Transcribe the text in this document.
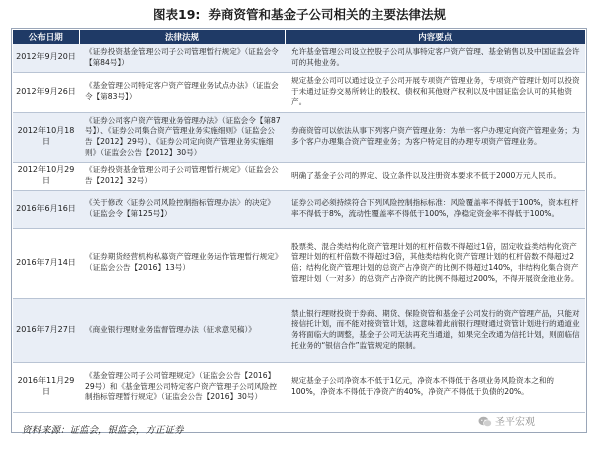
图表19: 券商资管和基金子公司相关的主要法律法规
公布日期	法律法规	内容要点
2012年9月20日	《证券投资基金管理公司子公司管理暂行规定》（证监会令【第84号】）	允许基金管理公司设立控股子公司从事特定客户资产管理、基金销售以及中国证监会许可的其他业务。
2012年9月26日	《基金管理公司特定客户资产管理业务试点办法》（证监会令【第83号】）	规定基金公司可以通过设立子公司开展专项资产管理业务，专项资产管理计划可以投资于未通过证券交易所转让的股权、债权和其他财产权利以及中国证监会认可的其他资产。
2012年10月18日	《证券公司客户资产管理业务管理办法》（证监会令【第87号】）、《证券公司集合资产管理业务实施细则》（证监会公告【2012】29号）、《证券公司定向资产管理业务实施细则》（证监会公告【2012】30号）	券商资管可以依法从事下列客户资产管理业务：为单一客户办理定向资产管理业务；为多个客户办理集合资产管理业务；为客户特定目的办理专项资产管理业务。
2012年10月29日	《证券投资基金管理公司子公司管理暂行规定》（证监会公告【2012】32号）	明确了基金子公司的界定、设立条件以及注册资本要求不低于2000万元人民币。
2016年6月16日	《关于修改〈证券公司风险控制指标管理办法〉的决定》（证监会令【第125号】）	证券公司必须持续符合下列风险控制指标标准：风险覆盖率不得低于100%，资本杠杆率不得低于8%，流动性覆盖率不得低于100%，净稳定资金率不得低于100%。
2016年7月14日	《证券期货经营机构私募资产管理业务运作管理暂行规定》（证监会公告【2016】13号）	股票类、混合类结构化资产管理计划的杠杆倍数不得超过1倍，固定收益类结构化资产管理计划的杠杆倍数不得超过3倍，其他类结构化资产管理计划的杠杆倍数不得超过2倍；结构化资产管理计划的总资产占净资产的比例不得超过140%，非结构化集合资产管理计划（一对多）的总资产占净资产的比例不得超过200%，不得开展资金池业务。
2016年7月27日	《商业银行理财业务监督管理办法（征求意见稿）》	禁止银行理财投资于券商、期货、保险资管和基金子公司发行的资产管理产品，只能对接信托计划，而不能对接资管计划，这意味着此前银行理财通过资管计划进行的通道业务将面临大的调整，基金子公司无法再充当通道，如果完全改通为信托计划，则面临信托业务的“银信合作”监管规定的限制。
2016年11月29日	《基金管理公司子公司管理规定》（证监会公告【2016】29号）和《基金管理公司特定客户资产管理子公司风险控制指标管理暂行规定》（证监会公告【2016】30号）	规定基金子公司净资本不低于1亿元，净资本不得低于各项业务风险资本之和的100%，净资本不得低于净资产的40%，净资产不得低于负债的20%。
圣平宏观
资料来源：证监会，银监会，方正证券
